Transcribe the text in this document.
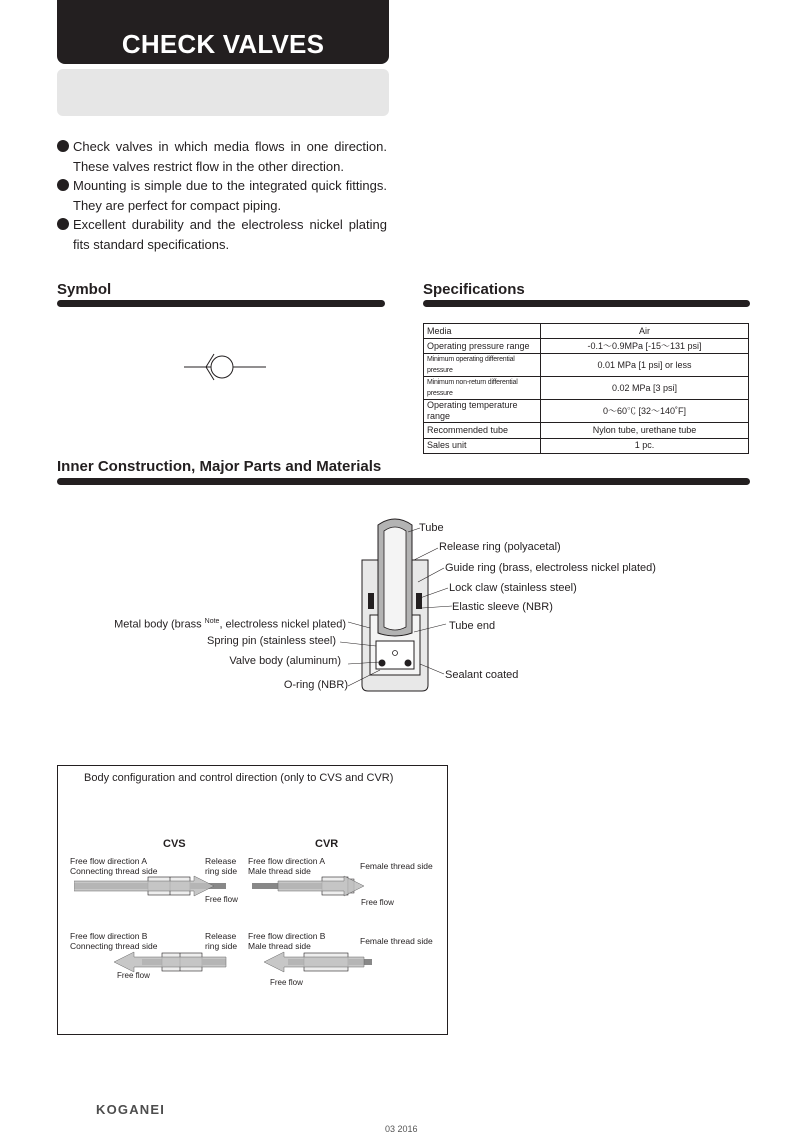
CHECK VALVES
Check valves in which media flows in one direction. These valves restrict flow in the other direction.
Mounting is simple due to the integrated quick fittings. They are perfect for compact piping.
Excellent durability and the electroless nickel plating fits standard specifications.
Symbol	Specifications
Media	Air
Operating pressure range	-0.1～0.9MPa [-15～131 psi]
Minimum operating differential pressure	0.01 MPa [1 psi] or less
Minimum non-return differential pressure	0.02 MPa [3 psi]
Operating temperature range	0～60℃ [32～140˚F]
Recommended tube	Nylon tube, urethane tube
Sales unit	1 pc.
Inner Construction, Major Parts and Materials
Tube
Release ring (polyacetal)
Guide ring (brass, electroless nickel plated)
Lock claw (stainless steel)
Elastic sleeve (NBR)
Tube end
Sealant coated
Metal body (brass $^{Note}$, electroless nickel plated)
Spring pin (stainless steel)
Valve body (aluminum)
O-ring (NBR)
Body configuration and control direction (only to CVS and CVR)
CVS	CVR
Free flow direction A
Connecting thread side
Release
ring side
Free flow
Free flow direction B
Connecting thread side
Release
ring side
Free flow
Free flow direction A
Male thread side	Female thread side
Free flow
Free flow direction B
Male thread side	Female thread side
Free flow
KOGANEI
03 2016
